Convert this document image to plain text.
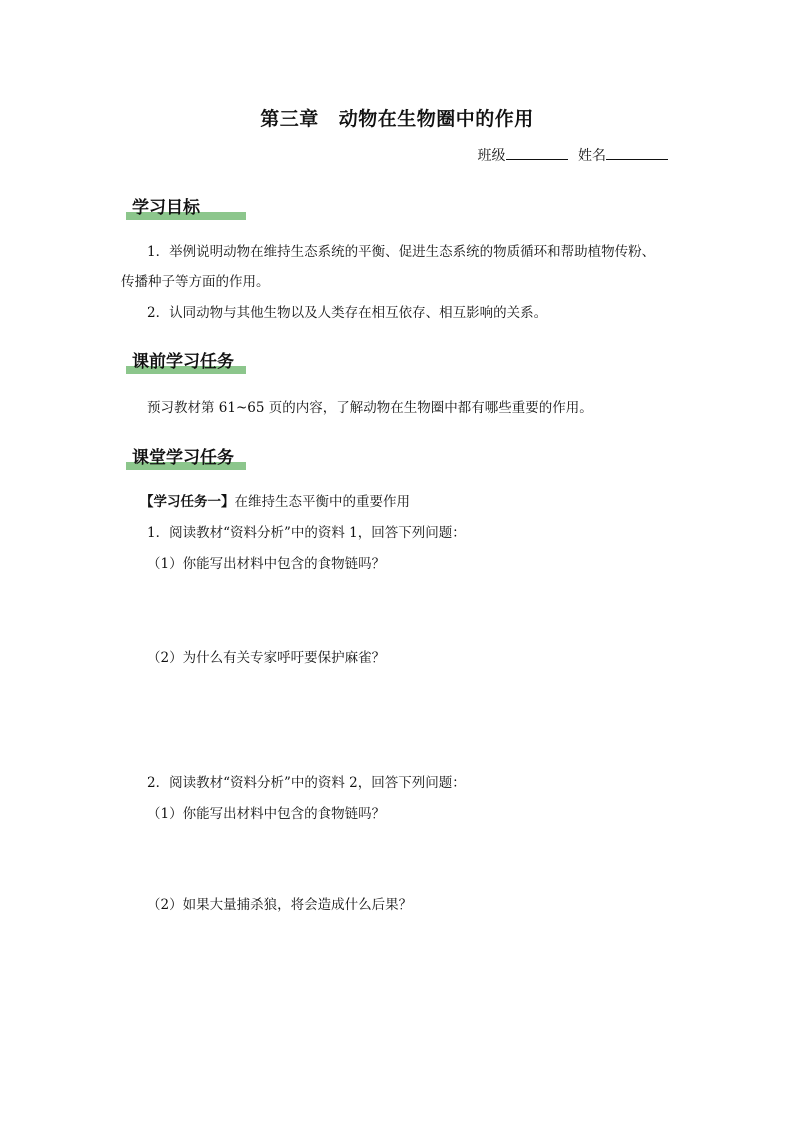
第三章 动物在生物圈中的作用
班级	姓名
学习目标

1．举例说明动物在维持生态系统的平衡、促进生态系统的物质循环和帮助植物传粉、

传播种子等方面的作用。

2．认同动物与其他生物以及人类存在相互依存、相互影响的关系。

课前学习任务

预习教材第 61~65 页的内容，了解动物在生物圈中都有哪些重要的作用。

课堂学习任务

【学习任务一】在维持生态平衡中的重要作用

1．阅读教材“资料分析”中的资料 1，回答下列问题：

（1）你能写出材料中包含的食物链吗？

（2）为什么有关专家呼吁要保护麻雀？

2．阅读教材“资料分析”中的资料 2，回答下列问题：

（1）你能写出材料中包含的食物链吗？

（2）如果大量捕杀狼，将会造成什么后果？
